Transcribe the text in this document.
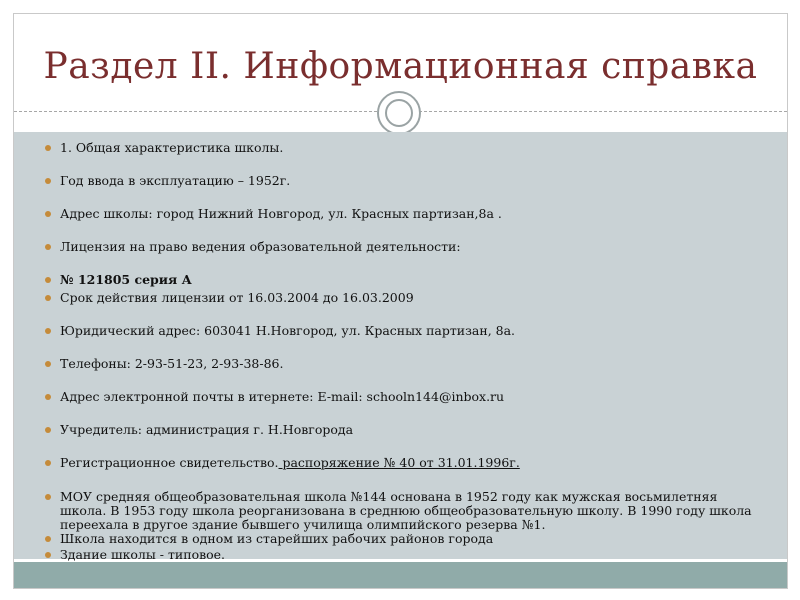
Раздел II. Информационная справка
1. Общая характеристика школы.
Год ввода в эксплуатацию – 1952г.
Адрес школы: город Нижний Новгород, ул. Красных партизан,8а .
Лицензия на право ведения образовательной деятельности:
№ 121805 серия А
Срок действия лицензии от 16.03.2004 до 16.03.2009
Юридический адрес: 603041 Н.Новгород, ул. Красных партизан, 8а.
Телефоны: 2-93-51-23, 2-93-38-86.
Адрес электронной почты в итернете: E-mail: schooln144@inbox.ru
Учредитель: администрация г. Н.Новгорода
Регистрационное свидетельство. распоряжение № 40 от 31.01.1996г.
МОУ средняя общеобразовательная школа №144 основана в 1952 году как мужская восьмилетняя школа. В 1953 году школа реорганизована в среднюю общеобразовательную школу. В 1990 году школа переехала в другое здание бывшего училища олимпийского резерва №1.
Школа находится в одном из старейших рабочих районов города
Здание школы - типовое.
